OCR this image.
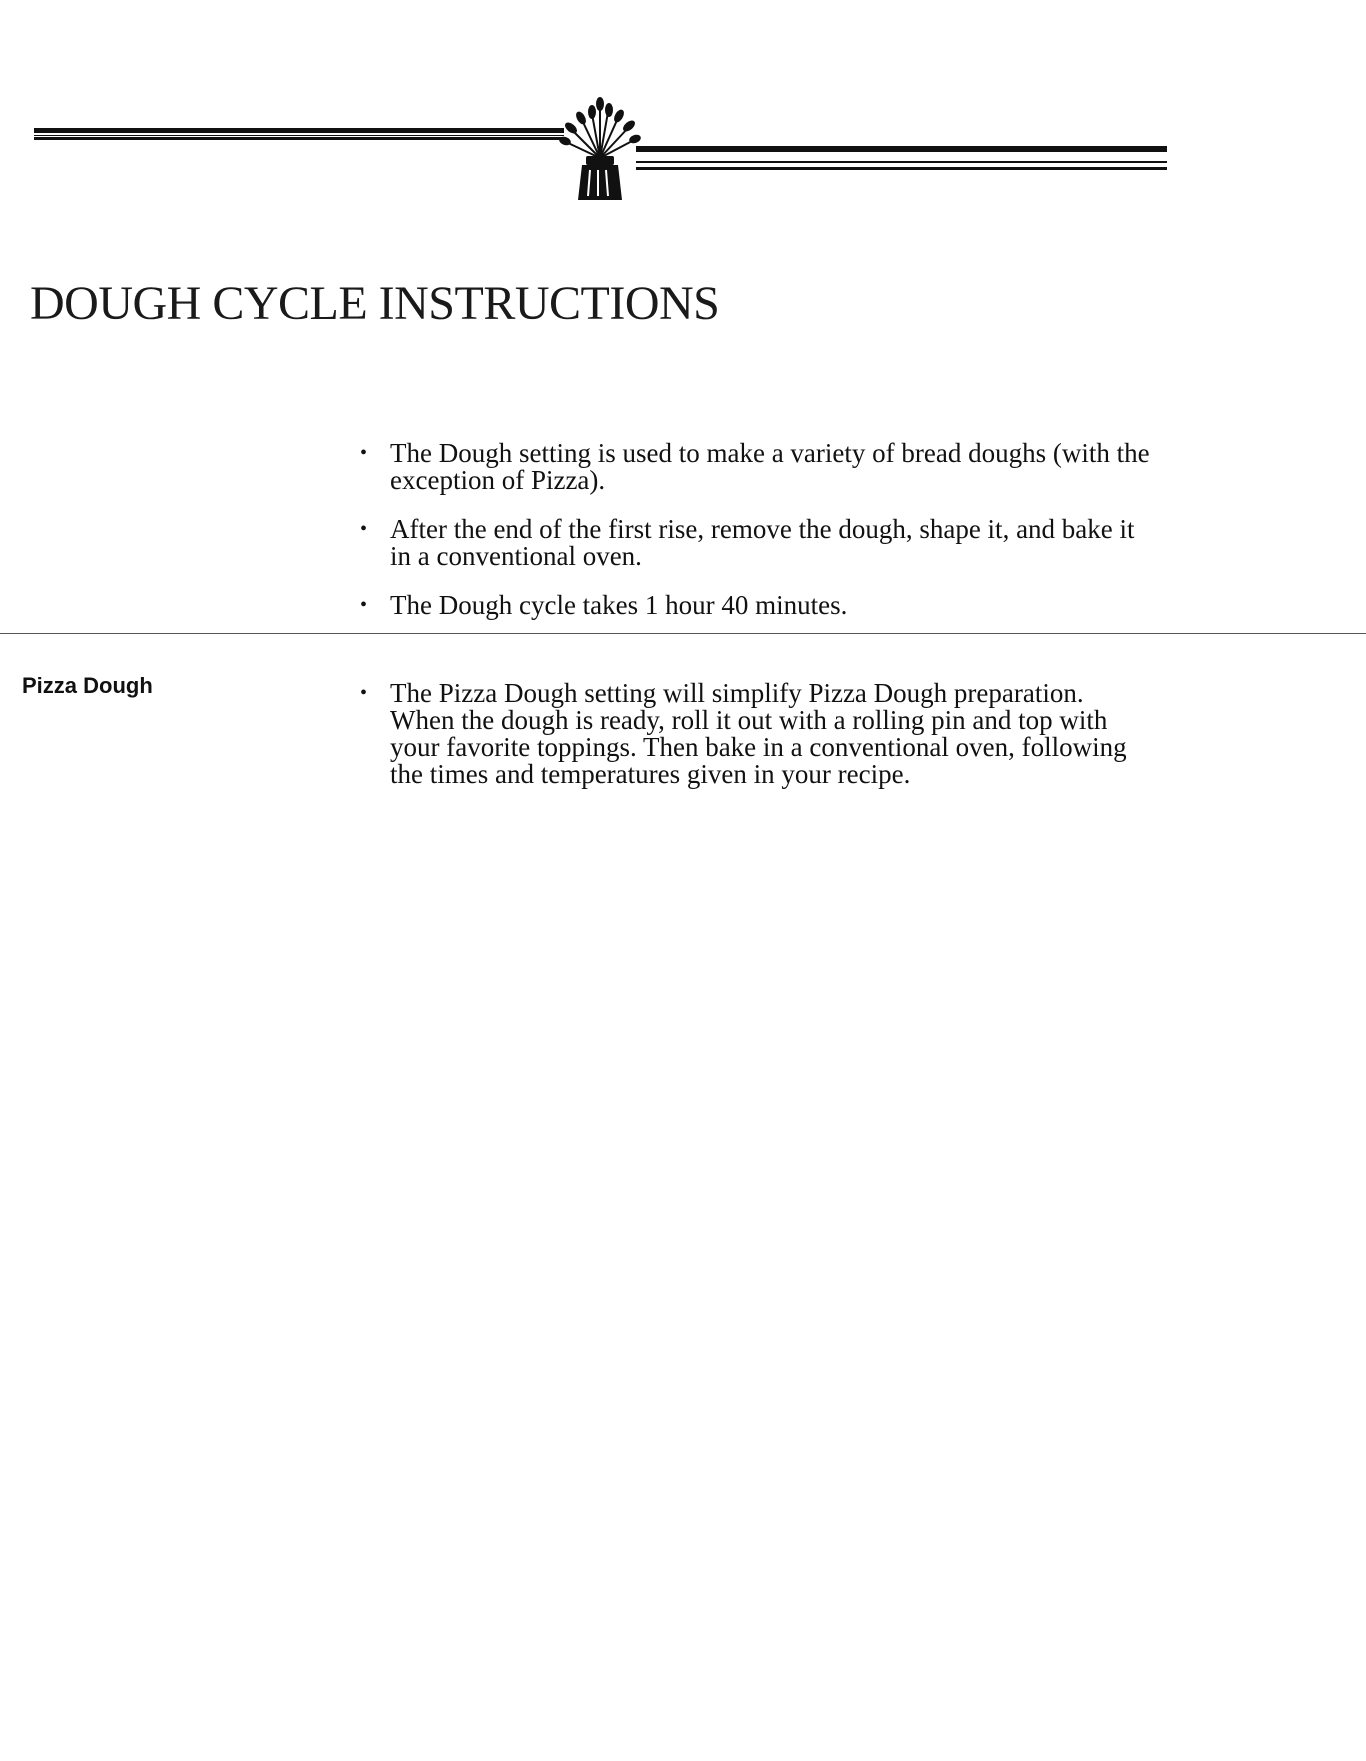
DOUGH CYCLE INSTRUCTIONS
• The Dough setting is used to make a variety of bread doughs (with the exception of Pizza).
• After the end of the first rise, remove the dough, shape it, and bake it in a conventional oven.
• The Dough cycle takes 1 hour 40 minutes.
Pizza Dough	• The Pizza Dough setting will simplify Pizza Dough preparation. When the dough is ready, roll it out with a rolling pin and top with your favorite toppings. Then bake in a conventional oven, following the times and temperatures given in your recipe.
